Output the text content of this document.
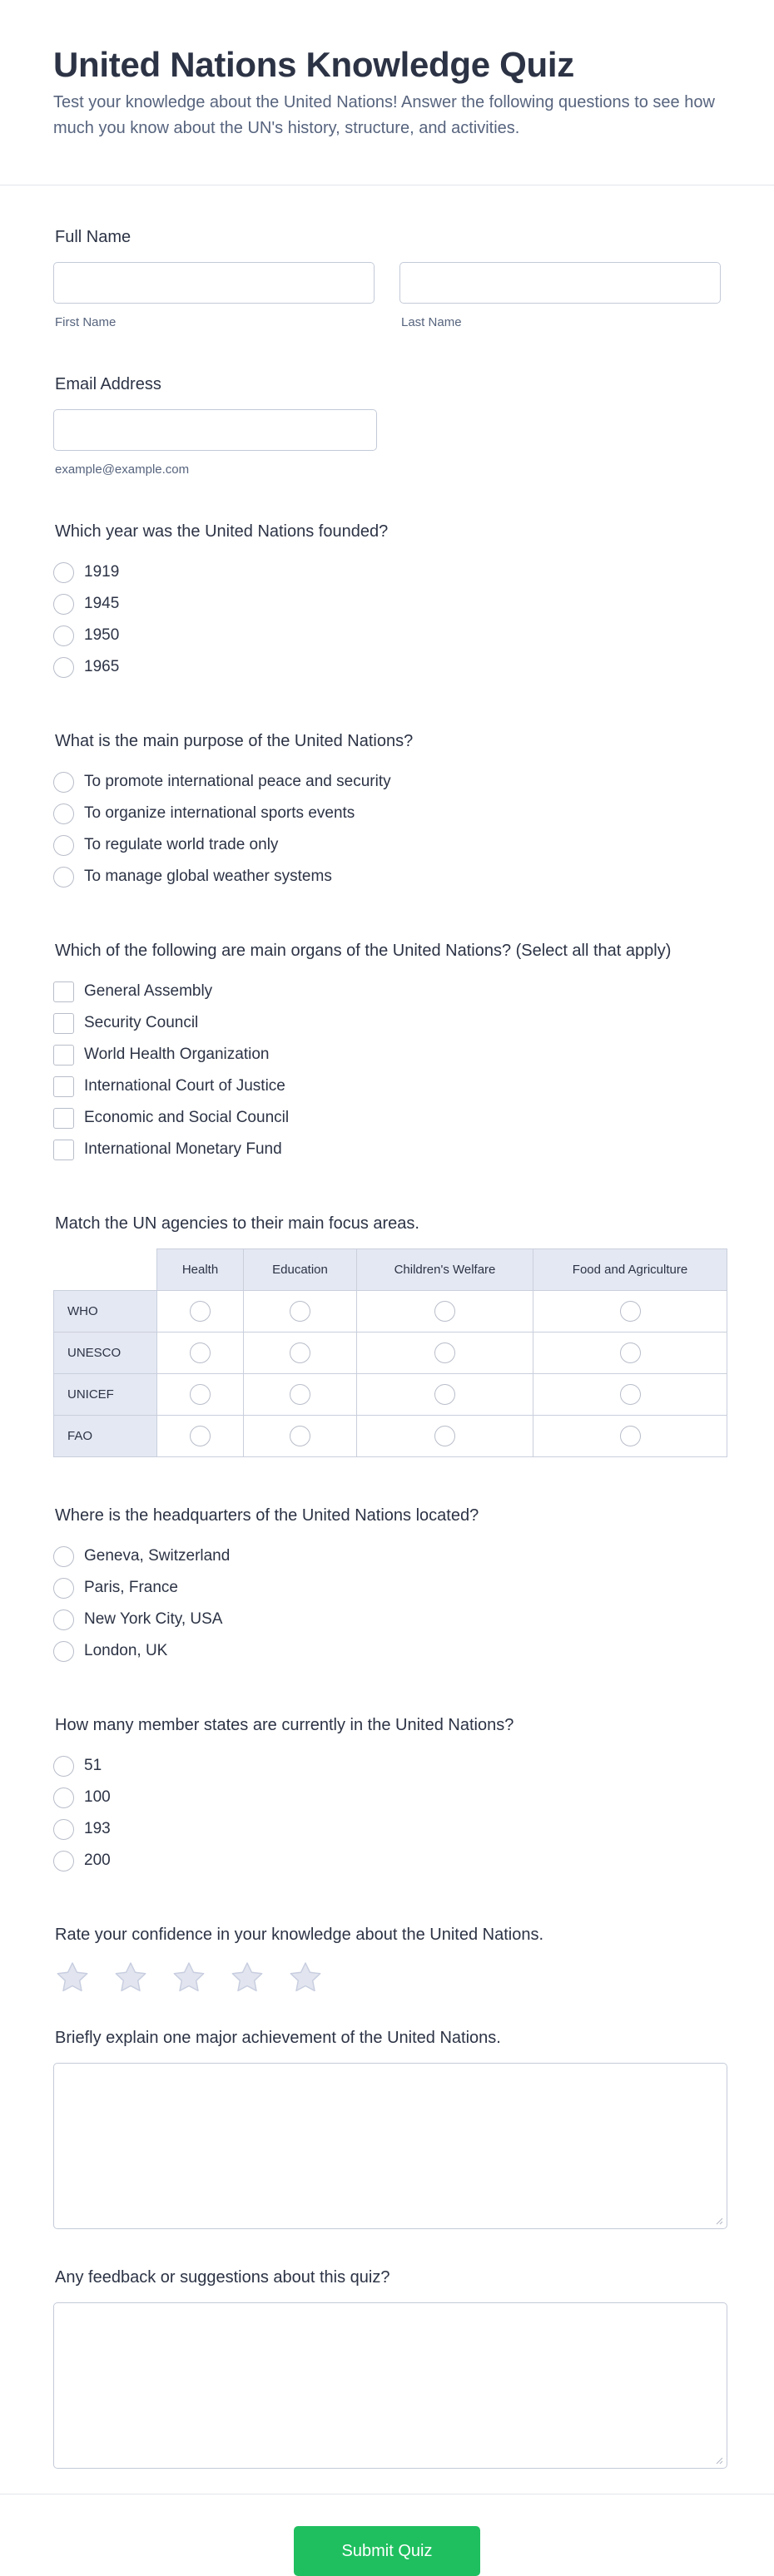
United Nations Knowledge Quiz

Test your knowledge about the United Nations! Answer the following questions to see how much you know about the UN's history, structure, and activities.

Full Name
First Name	Last Name
Email Address
example@example.com
Which year was the United Nations founded?
1919
1945
1950
1965
What is the main purpose of the United Nations?
To promote international peace and security
To organize international sports events
To regulate world trade only
To manage global weather systems
Which of the following are main organs of the United Nations? (Select all that apply)
General Assembly
Security Council
World Health Organization
International Court of Justice
Economic and Social Council
International Monetary Fund
Match the UN agencies to their main focus areas.
	Health	Education	Children's Welfare	Food and Agriculture
WHO				
UNESCO				
UNICEF				
FAO				
Where is the headquarters of the United Nations located?
Geneva, Switzerland
Paris, France
New York City, USA
London, UK
How many member states are currently in the United Nations?
51
100
193
200
Rate your confidence in your knowledge about the United Nations.
Briefly explain one major achievement of the United Nations.
Any feedback or suggestions about this quiz?
Submit Quiz
